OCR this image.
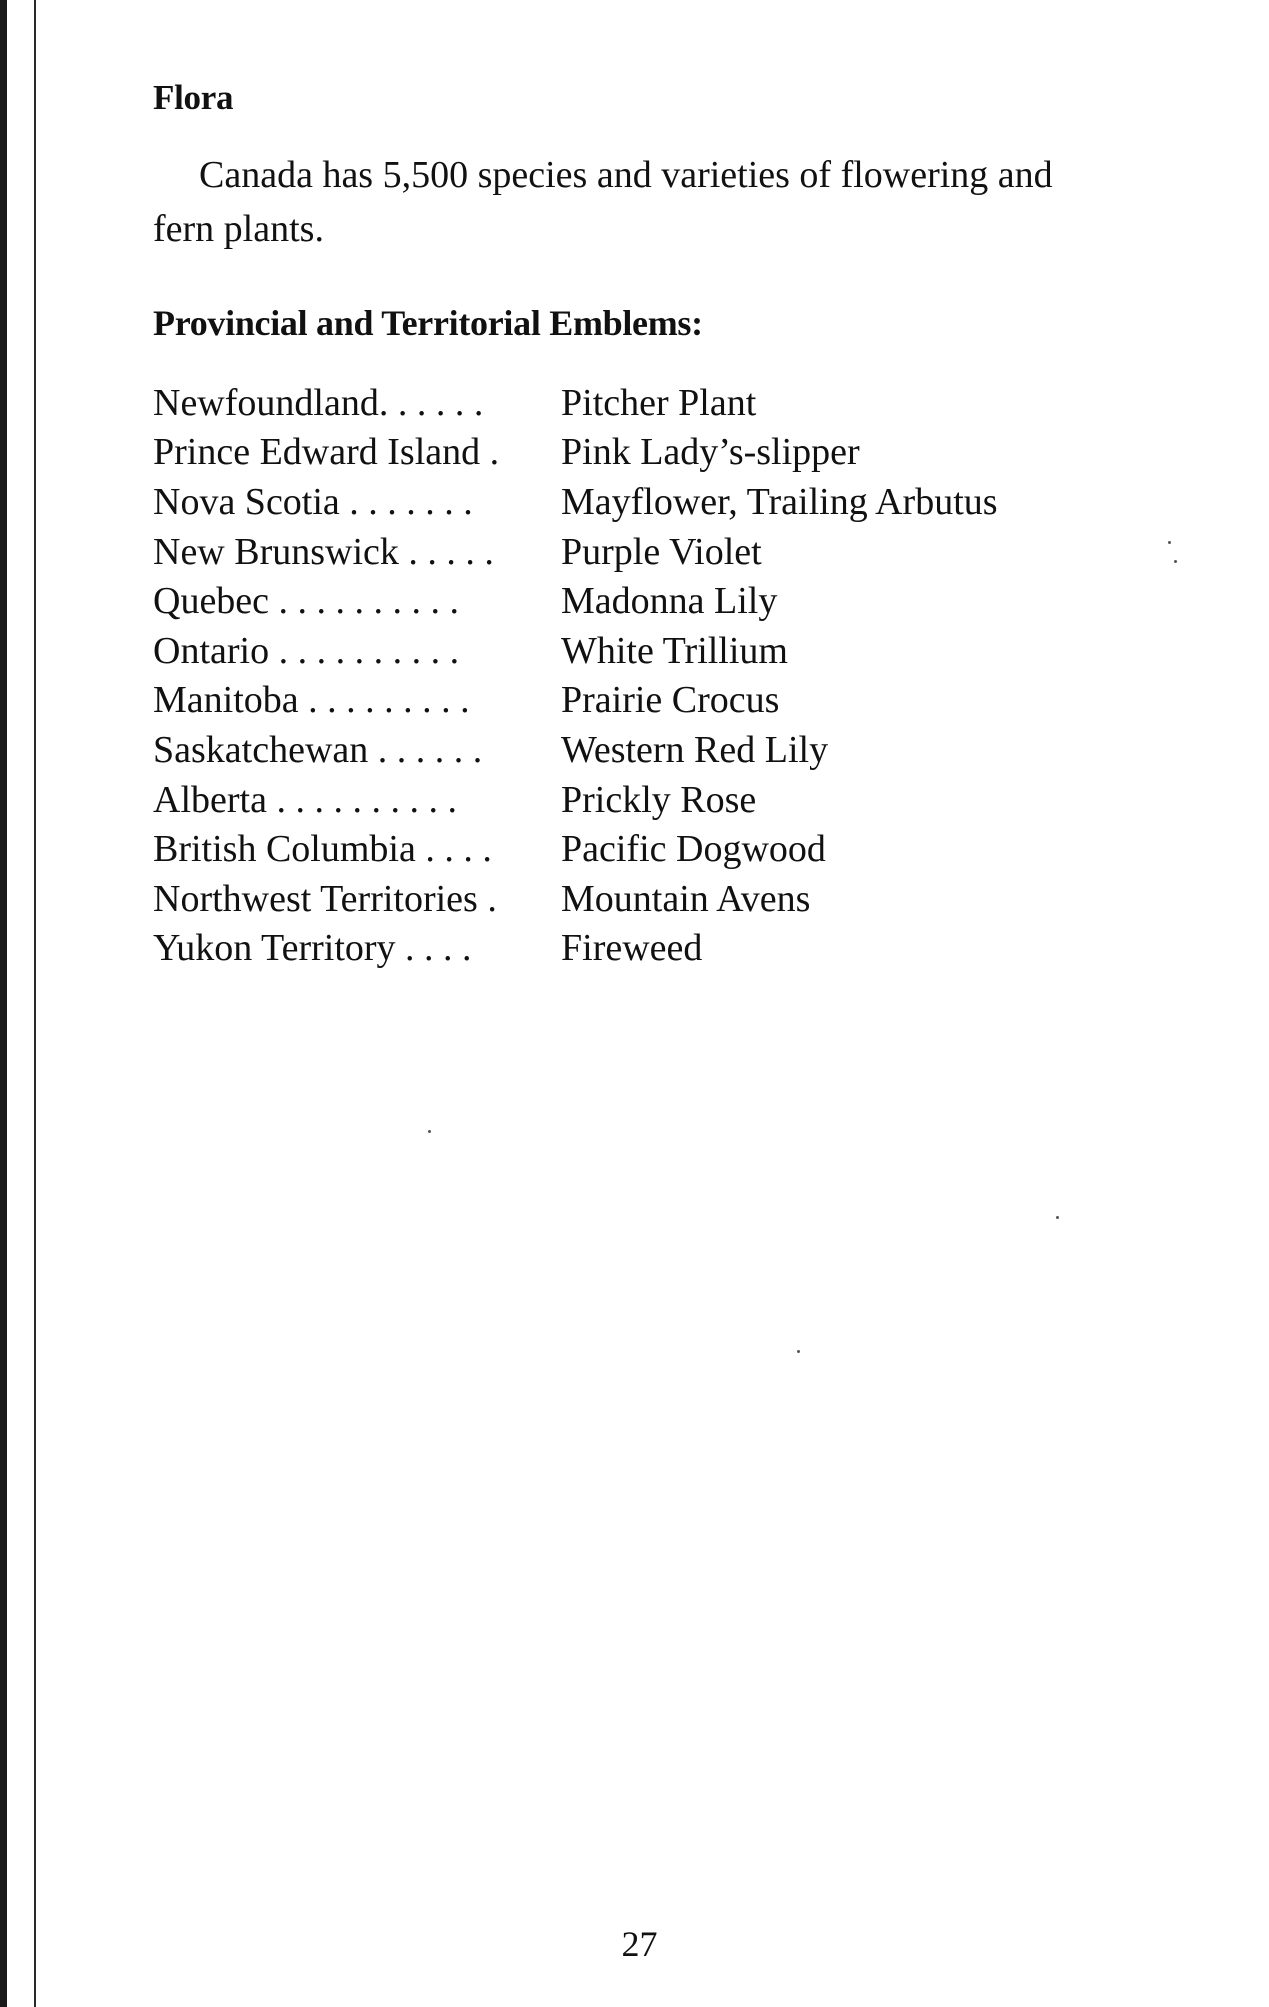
Flora

Canada has 5,500 species and varieties of flowering and fern plants.

Provincial and Territorial Emblems:
Newfoundland. . . . . .	Pitcher Plant
Prince Edward Island .	Pink Lady’s-slipper
Nova Scotia . . . . . . .	Mayflower, Trailing Arbutus
New Brunswick . . . . .	Purple Violet
Quebec . . . . . . . . . .	Madonna Lily
Ontario . . . . . . . . . .	White Trillium
Manitoba . . . . . . . . .	Prairie Crocus
Saskatchewan . . . . . .	Western Red Lily
Alberta . . . . . . . . . .	Prickly Rose
British Columbia . . . .	Pacific Dogwood
Northwest Territories .	Mountain Avens
Yukon Territory . . . .	Fireweed
27
